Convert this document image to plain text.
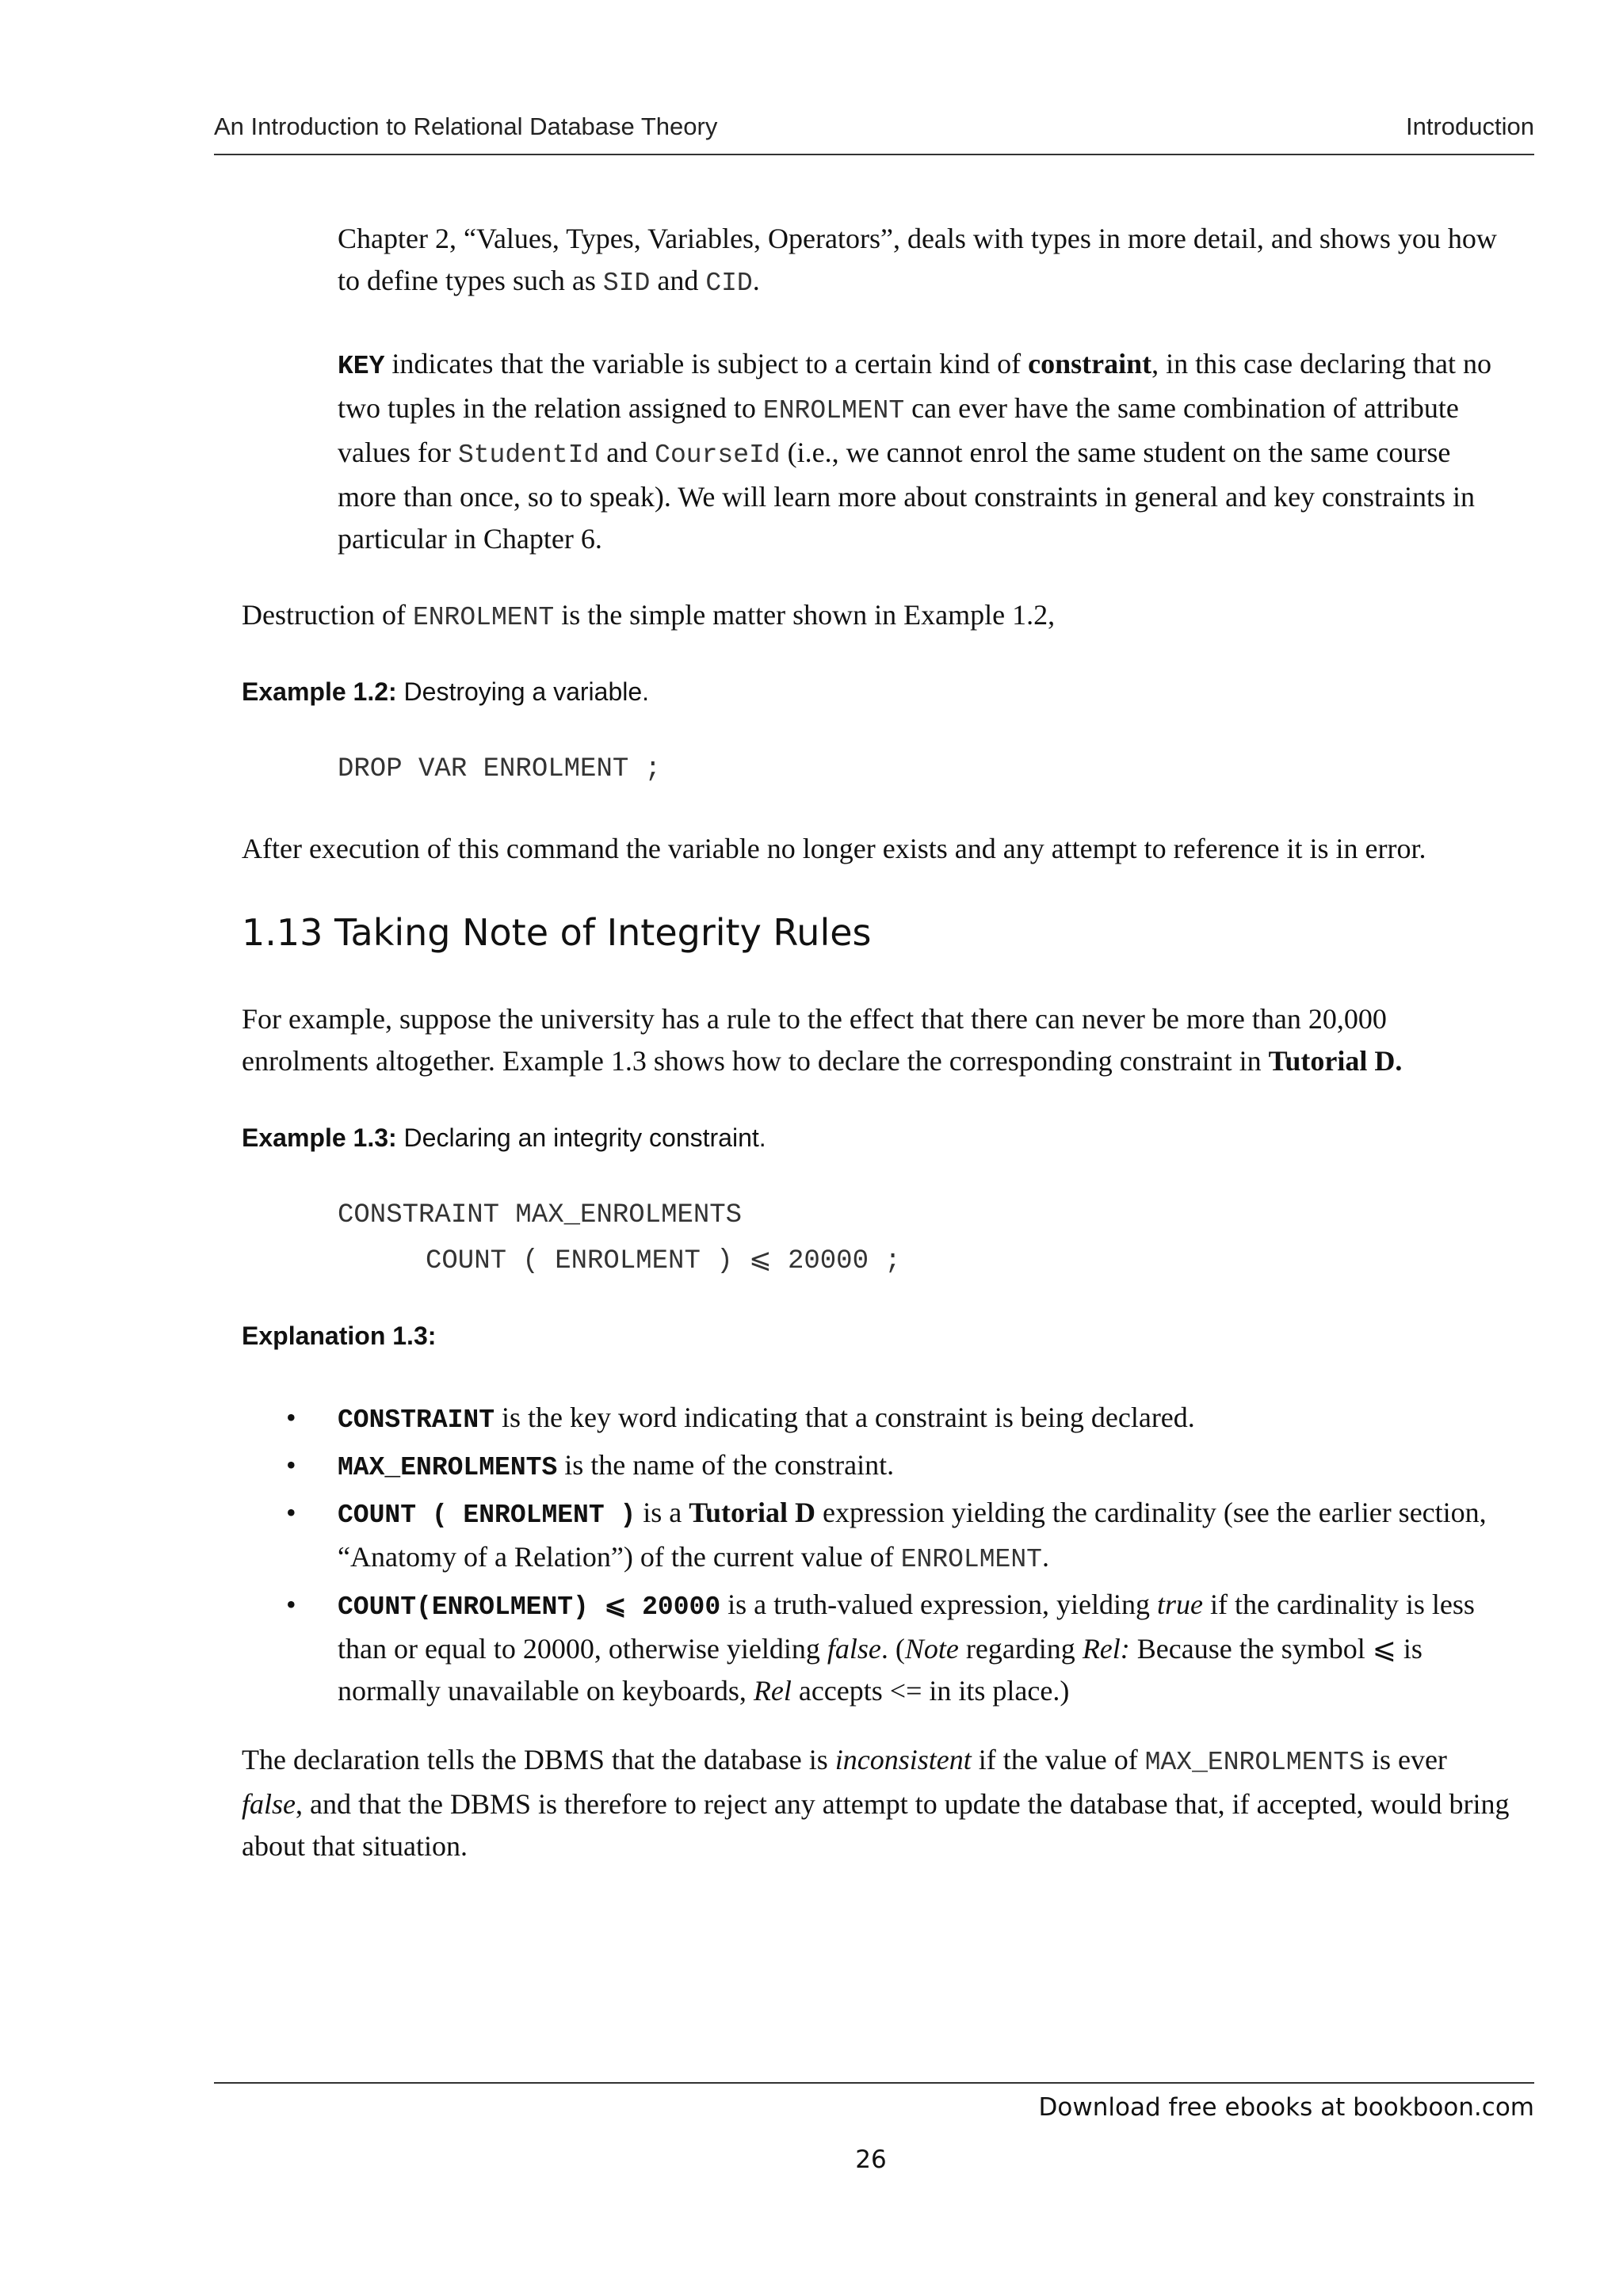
An Introduction to Relational Database Theory	Introduction
Chapter 2, “Values, Types, Variables, Operators”, deals with types in more detail, and shows you how to define types such as SID and CID.
KEY indicates that the variable is subject to a certain kind of constraint, in this case declaring that no two tuples in the relation assigned to ENROLMENT can ever have the same combination of attribute values for StudentId and CourseId (i.e., we cannot enrol the same student on the same course more than once, so to speak). We will learn more about constraints in general and key constraints in particular in Chapter 6.
Destruction of ENROLMENT is the simple matter shown in Example 1.2,
Example 1.2: Destroying a variable.
DROP VAR ENROLMENT ;
After execution of this command the variable no longer exists and any attempt to reference it is in error.
1.13 Taking Note of Integrity Rules
For example, suppose the university has a rule to the effect that there can never be more than 20,000 enrolments altogether. Example 1.3 shows how to declare the corresponding constraint in Tutorial D.
Example 1.3: Declaring an integrity constraint.
CONSTRAINT MAX_ENROLMENTS
COUNT ( ENROLMENT ) ⩽ 20000 ;
Explanation 1.3:
• CONSTRAINT is the key word indicating that a constraint is being declared.
• MAX_ENROLMENTS is the name of the constraint.
• COUNT ( ENROLMENT ) is a Tutorial D expression yielding the cardinality (see the earlier section, “Anatomy of a Relation”) of the current value of ENROLMENT.
• COUNT(ENROLMENT) ⩽ 20000 is a truth-valued expression, yielding true if the cardinality is less than or equal to 20000, otherwise yielding false. (Note regarding Rel: Because the symbol ⩽ is normally unavailable on keyboards, Rel accepts <= in its place.)
The declaration tells the DBMS that the database is inconsistent if the value of MAX_ENROLMENTS is ever false, and that the DBMS is therefore to reject any attempt to update the database that, if accepted, would bring about that situation.
Download free ebooks at bookboon.com
26
